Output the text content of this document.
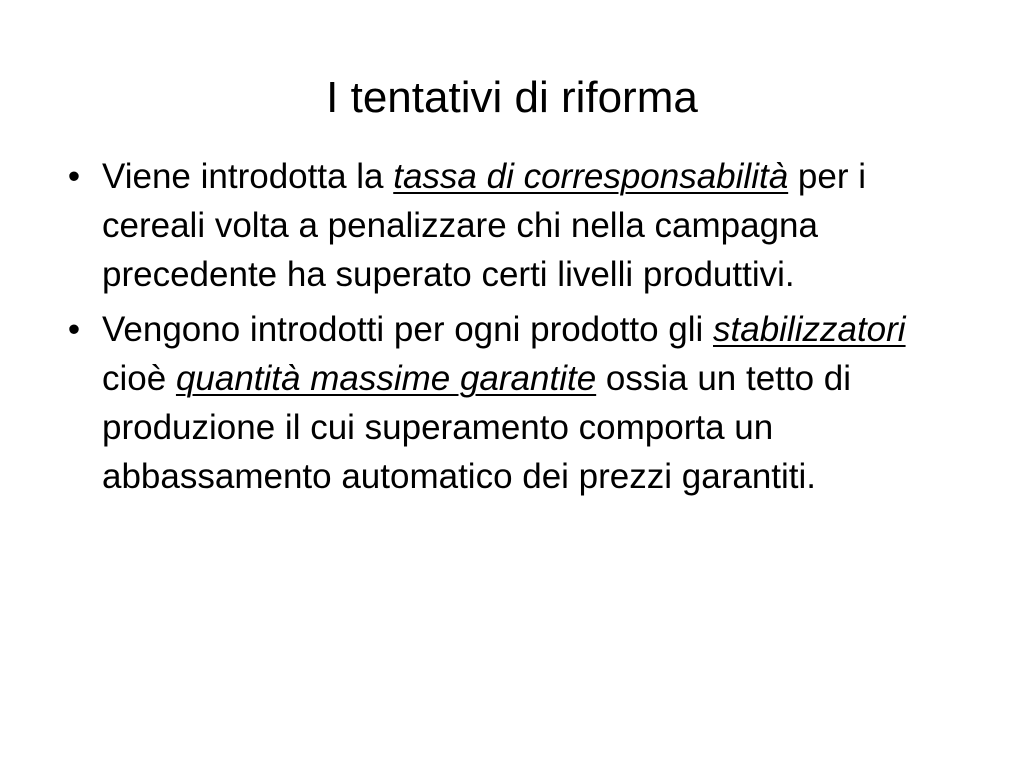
I tentativi di riforma
• Viene introdotta la tassa di corresponsabilità per i cereali volta a penalizzare chi nella campagna precedente ha superato certi livelli produttivi.
• Vengono introdotti per ogni prodotto gli stabilizzatori cioè quantità massime garantite ossia un tetto di produzione il cui superamento comporta un abbassamento automatico dei prezzi garantiti.
